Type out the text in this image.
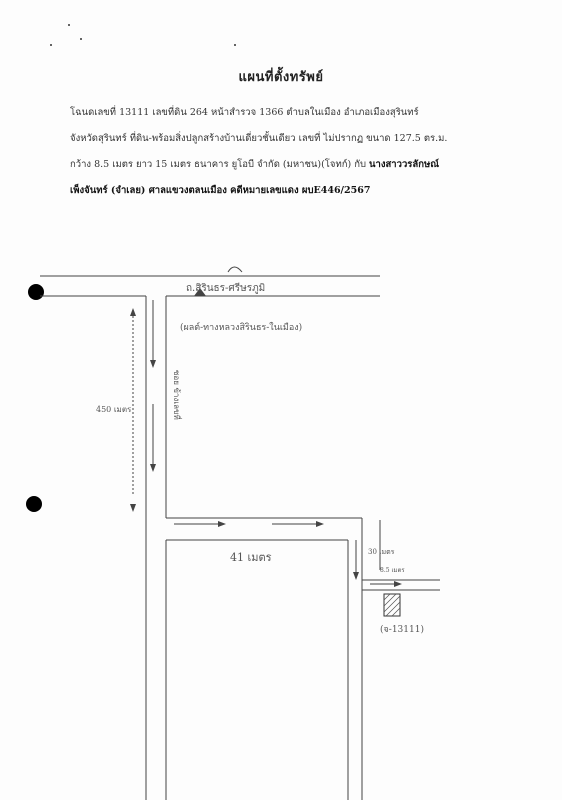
แผนที่ตั้งทรัพย์
โฉนดเลขที่ 13111 เลขที่ดิน 264 หน้าสำรวจ 1366 ตำบลในเมือง อำเภอเมืองสุรินทร์
จังหวัดสุรินทร์ ที่ดิน-พร้อมสิ่งปลูกสร้างบ้านเดี่ยวชั้นเดียว เลขที่ ไม่ปรากฏ ขนาด 127.5 ตร.ม.
กว้าง 8.5 เมตร ยาว 15 เมตร ธนาคาร ยูโอบี จำกัด (มหาชน)(โจทก์) กับ นางสาววรลักษณ์
เพ็งจันทร์ (จำเลย) ศาลแขวงตลนเมือง คดีหมายเลขแดง ผบE446/2567
ถ.สิรินธร-ศรีษรภูมิ
(ผลต์-ทางหลวงสิรินธร-ในเมือง)
450 เมตร	ซอย ข้างเลขที่
41 เมตร	30 เมตร
8.5 เมตร
(จ-13111)
